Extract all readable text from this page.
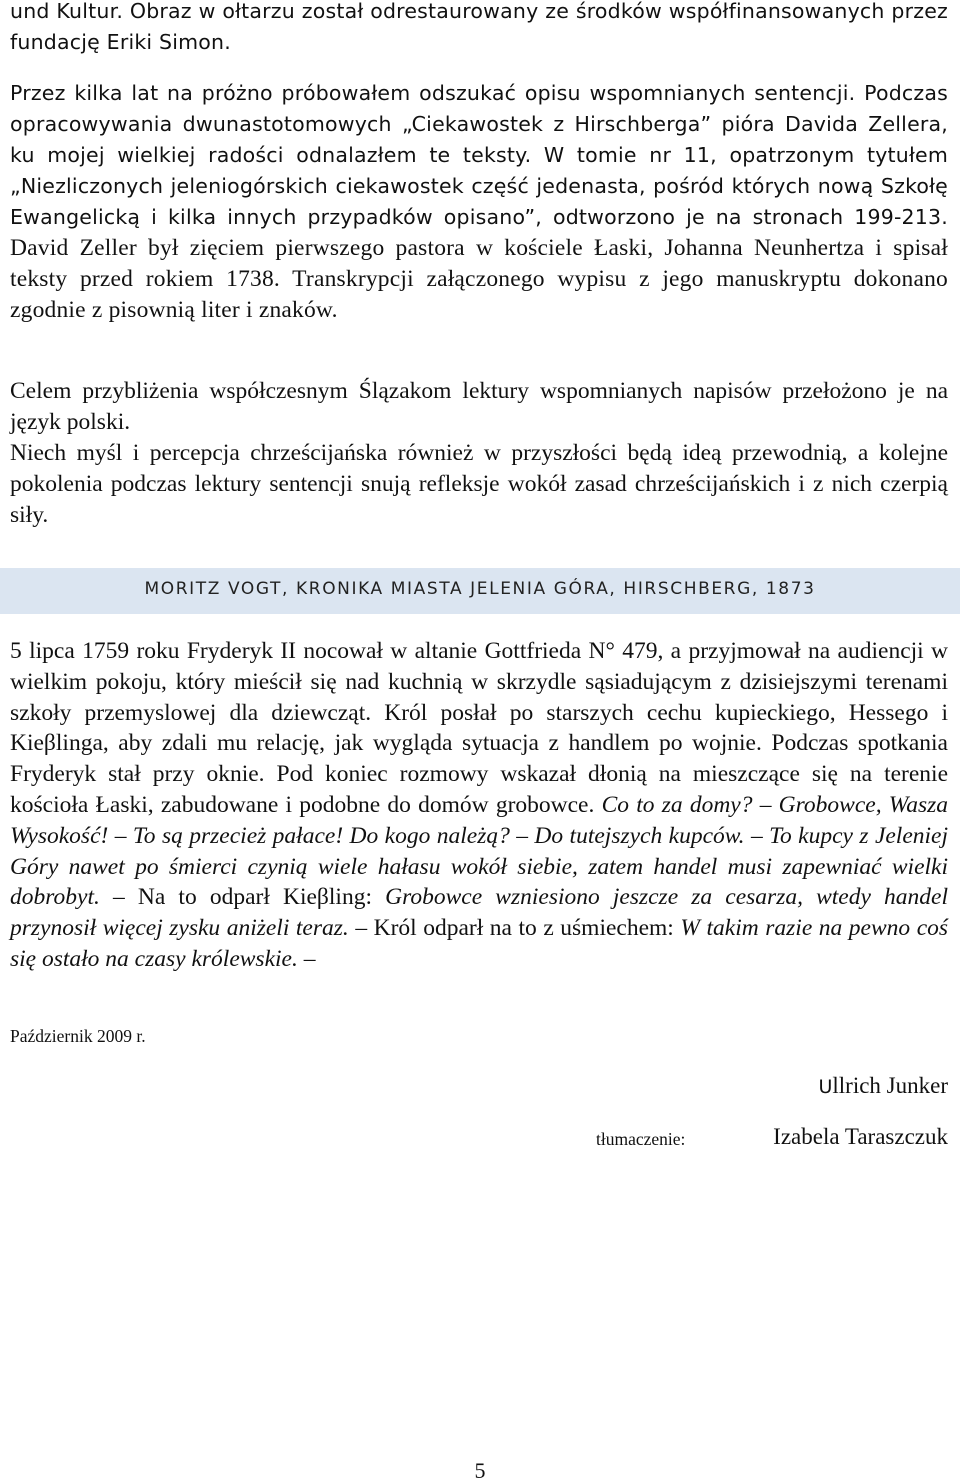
und Kultur. Obraz w ołtarzu został odrestaurowany ze środków współfinansowanych przez fundację Eriki Simon.

Przez kilka lat na próżno próbowałem odszukać opisu wspomnianych sentencji. Podczas opracowywania dwunastotomowych „Ciekawostek z Hirschberga” pióra Davida Zellera, ku mojej wielkiej radości odnalazłem te teksty. W tomie nr 11, opatrzonym tytułem „Niezliczonych jeleniogórskich ciekawostek część jedenasta, pośród których nową Szkołę Ewangelicką i kilka innych przypadków opisano”, odtworzono je na stronach 199-213. David Zeller był zięciem pierwszego pastora w kościele Łaski, Johanna Neunhertza i spisał teksty przed rokiem 1738. Transkrypcji załączonego wypisu z jego manuskryptu dokonano zgodnie z pisownią liter i znaków.

Celem przybliżenia współczesnym Ślązakom lektury wspomnianych napisów przełożono je na język polski.

Niech myśl i percepcja chrześcijańska również w przyszłości będą ideą przewodnią, a kolejne pokolenia podczas lektury sentencji snują refleksje wokół zasad chrześcijańskich i z nich czerpią siły.

MORITZ VOGT, KRONIKA MIASTA JELENIA GÓRA, HIRSCHBERG, 1873

5 lipca 1759 roku Fryderyk II nocował w altanie Gottfrieda N° 479, a przyjmował na audiencji w wielkim pokoju, który mieścił się nad kuchnią w skrzydle sąsiadującym z dzisiejszymi terenami szkoły przemyslowej dla dziewcząt. Król posłał po starszych cechu kupieckiego, Hessego i Kieβlinga, aby zdali mu relację, jak wygląda sytuacja z handlem po wojnie. Podczas spotkania Fryderyk stał przy oknie. Pod koniec rozmowy wskazał dłonią na mieszczące się na terenie kościoła Łaski, zabudowane i podobne do domów grobowce. Co to za domy? – Grobowce, Wasza Wysokość! – To są przecież pałace! Do kogo należą? – Do tutejszych kupców. – To kupcy z Jeleniej Góry nawet po śmierci czynią wiele hałasu wokół siebie, zatem handel musi zapewniać wielki dobrobyt. – Na to odparł Kieβling: Grobowce wzniesiono jeszcze za cesarza, wtedy handel przynosił więcej zysku aniżeli teraz. – Król odparł na to z uśmiechem: W takim razie na pewno coś się ostało na czasy królewskie. –

Październik 2009 r.
Ullrich Junker
tłumaczenie:	Izabela Taraszczuk
5
